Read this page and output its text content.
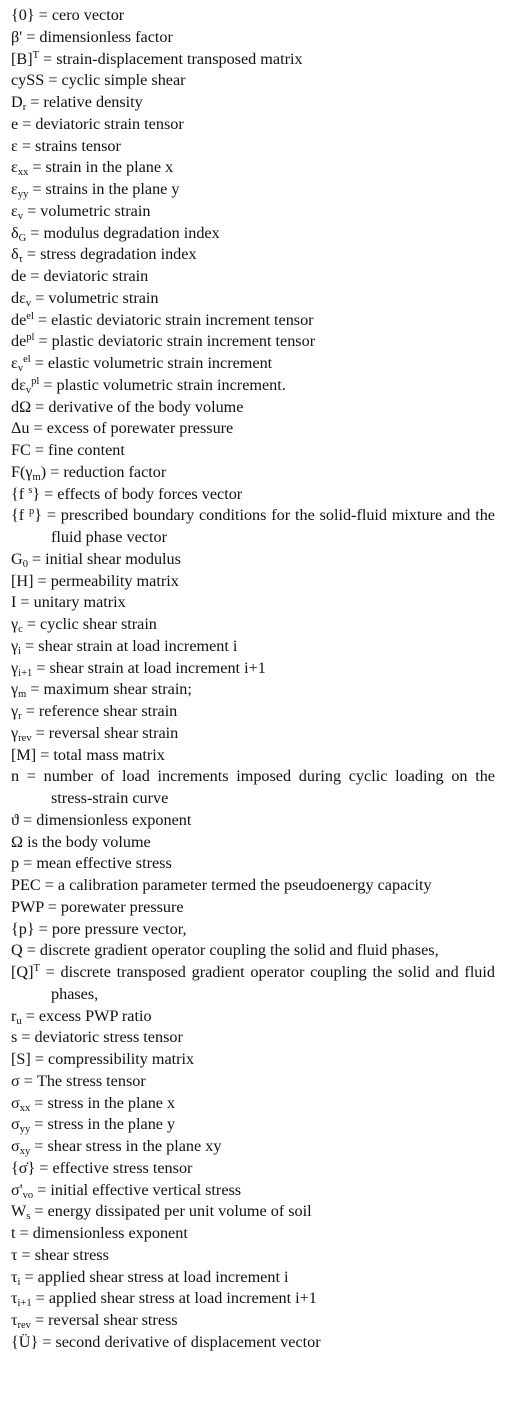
{0} = cero vector

β' = dimensionless factor

$[B]^T$ = strain-displacement transposed matrix

cySS = cyclic simple shear

$D_r$ = relative density

e = deviatoric strain tensor

ε = strains tensor

$\varepsilon_{xx}$ = strain in the plane x

$\varepsilon_{yy}$ = strains in the plane y

$\varepsilon_v$ = volumetric strain

$\delta_G$ = modulus degradation index

$\delta_\tau$ = stress degradation index

de = deviatoric strain

$d\varepsilon_v$ = volumetric strain

$de^{el}$ = elastic deviatoric strain increment tensor

$de^{pl}$ = plastic deviatoric strain increment tensor

$\varepsilon_v^{el}$ = elastic volumetric strain increment

$d\varepsilon_v^{pl}$ = plastic volumetric strain increment.

dΩ = derivative of the body volume

Δu = excess of porewater pressure

FC = fine content

$F(\gamma_m)$ = reduction factor

{f $^s$} = effects of body forces vector

{f $^p$} = prescribed boundary conditions for the solid-fluid mixture and the fluid phase vector

$G_0$ = initial shear modulus

[H] = permeability matrix

I = unitary matrix

$\gamma_c$ = cyclic shear strain

$\gamma_i$ = shear strain at load increment i

$\gamma_{i+1}$ = shear strain at load increment i+1

$\gamma_m$ = maximum shear strain;

$\gamma_r$ = reference shear strain

$\gamma_{rev}$ = reversal shear strain

[M] = total mass matrix

n = number of load increments imposed during cyclic loading on the stress-strain curve

ϑ = dimensionless exponent

Ω is the body volume

p = mean effective stress

PEC = a calibration parameter termed the pseudoenergy capacity

PWP = porewater pressure

{p} = pore pressure vector,

Q = discrete gradient operator coupling the solid and fluid phases,

$[Q]^T$ = discrete transposed gradient operator coupling the solid and fluid phases,

$r_u$ = excess PWP ratio

s = deviatoric stress tensor

[S] = compressibility matrix

σ = The stress tensor

$\sigma_{xx}$ = stress in the plane x

$\sigma_{yy}$ = stress in the plane y

$\sigma_{xy}$ = shear stress in the plane xy

{σ̇} = effective stress tensor

$\sigma'_{vo}$ = initial effective vertical stress

$W_s$ = energy dissipated per unit volume of soil

t = dimensionless exponent

τ = shear stress

$\tau_i$ = applied shear stress at load increment i

$\tau_{i+1}$ = applied shear stress at load increment i+1

$\tau_{rev}$ = reversal shear stress

{Ü} = second derivative of displacement vector
